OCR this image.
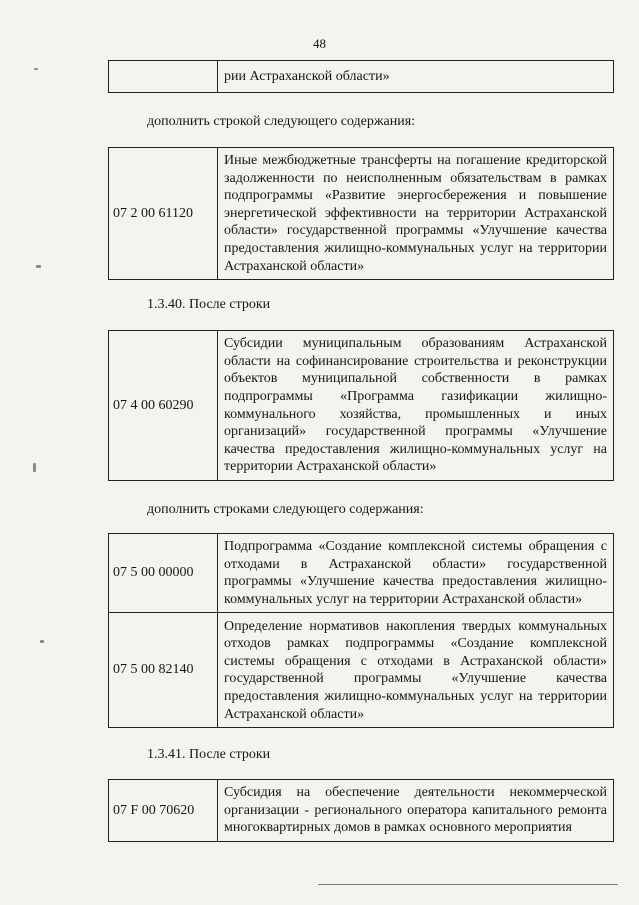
48
	рии Астраханской области»
дополнить строкой следующего содержания:
07 2 00 61120	Иные межбюджетные трансферты на погашение кредиторской задолженности по неисполненным обязательствам в рамках подпрограммы «Развитие энергосбережения и повышение энергетической эффективности на территории Астраханской области» государственной программы «Улучшение качества предоставления жилищно-коммунальных услуг на территории Астраханской области»
1.3.40. После строки
07 4 00 60290	Субсидии муниципальным образованиям Астраханской области на софинансирование строительства и реконструкции объектов муниципальной собственности в рамках подпрограммы «Программа газификации жилищно-коммунального хозяйства, промышленных и иных организаций» государственной программы «Улучшение качества предоставления жилищно-коммунальных услуг на территории Астраханской области»
дополнить строками следующего содержания:
07 5 00 00000	Подпрограмма «Создание комплексной системы обращения с отходами в Астраханской области» государственной программы «Улучшение качества предоставления жилищно-коммунальных услуг на территории Астраханской области»
07 5 00 82140	Определение нормативов накопления твердых коммунальных отходов рамках подпрограммы «Создание комплексной системы обращения с отходами в Астраханской области» государственной программы «Улучшение качества предоставления жилищно-коммунальных услуг на территории Астраханской области»
1.3.41. После строки
07 F 00 70620	Субсидия на обеспечение деятельности некоммерческой организации - регионального оператора капитального ремонта многоквартирных домов в рамках основного мероприятия
